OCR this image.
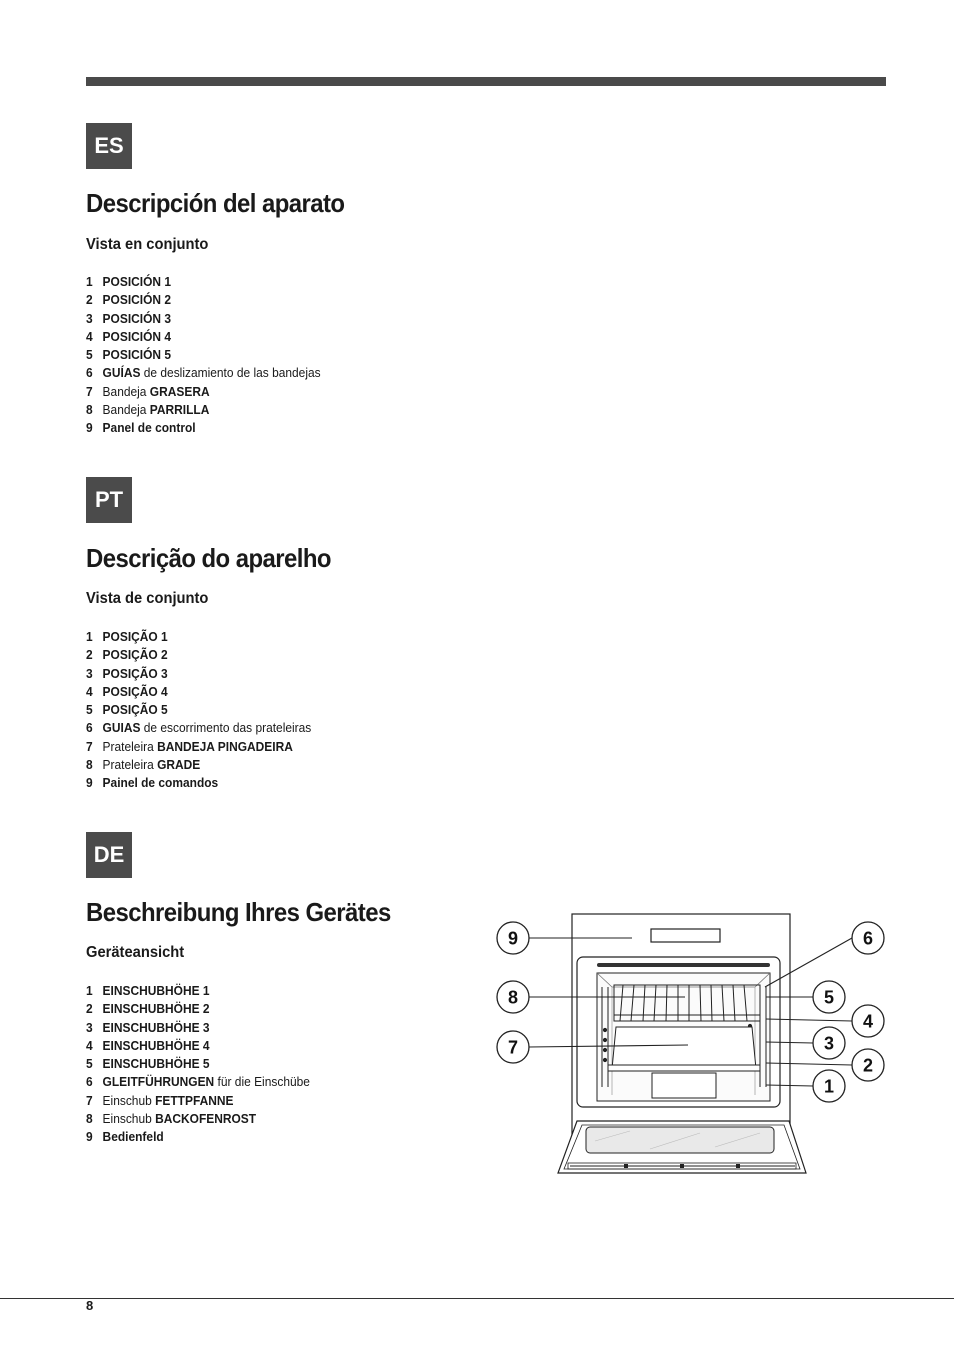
ES
Descripción del aparato
Vista en conjunto
1 POSICIÓN 1
2 POSICIÓN 2
3 POSICIÓN 3
4 POSICIÓN 4
5 POSICIÓN 5
6 GUÍAS de deslizamiento de las bandejas
7 Bandeja GRASERA
8 Bandeja PARRILLA
9 Panel de control
PT
Descrição do aparelho
Vista de conjunto
1 POSIÇÃO 1
2 POSIÇÃO 2
3 POSIÇÃO 3
4 POSIÇÃO 4
5 POSIÇÃO 5
6 GUIAS de escorrimento das prateleiras
7 Prateleira BANDEJA PINGADEIRA
8 Prateleira GRADE
9 Painel de comandos
DE
Beschreibung Ihres Gerätes
Geräteansicht
1 EINSCHUBHÖHE 1
2 EINSCHUBHÖHE 2
3 EINSCHUBHÖHE 3
4 EINSCHUBHÖHE 4
5 EINSCHUBHÖHE 5
6 GLEITFÜHRUNGEN für die Einschübe
7 Einschub FETTPFANNE
8 Einschub BACKOFENROST
9 Bedienfeld
9
8
7
6
5
4
3
2
1
8
